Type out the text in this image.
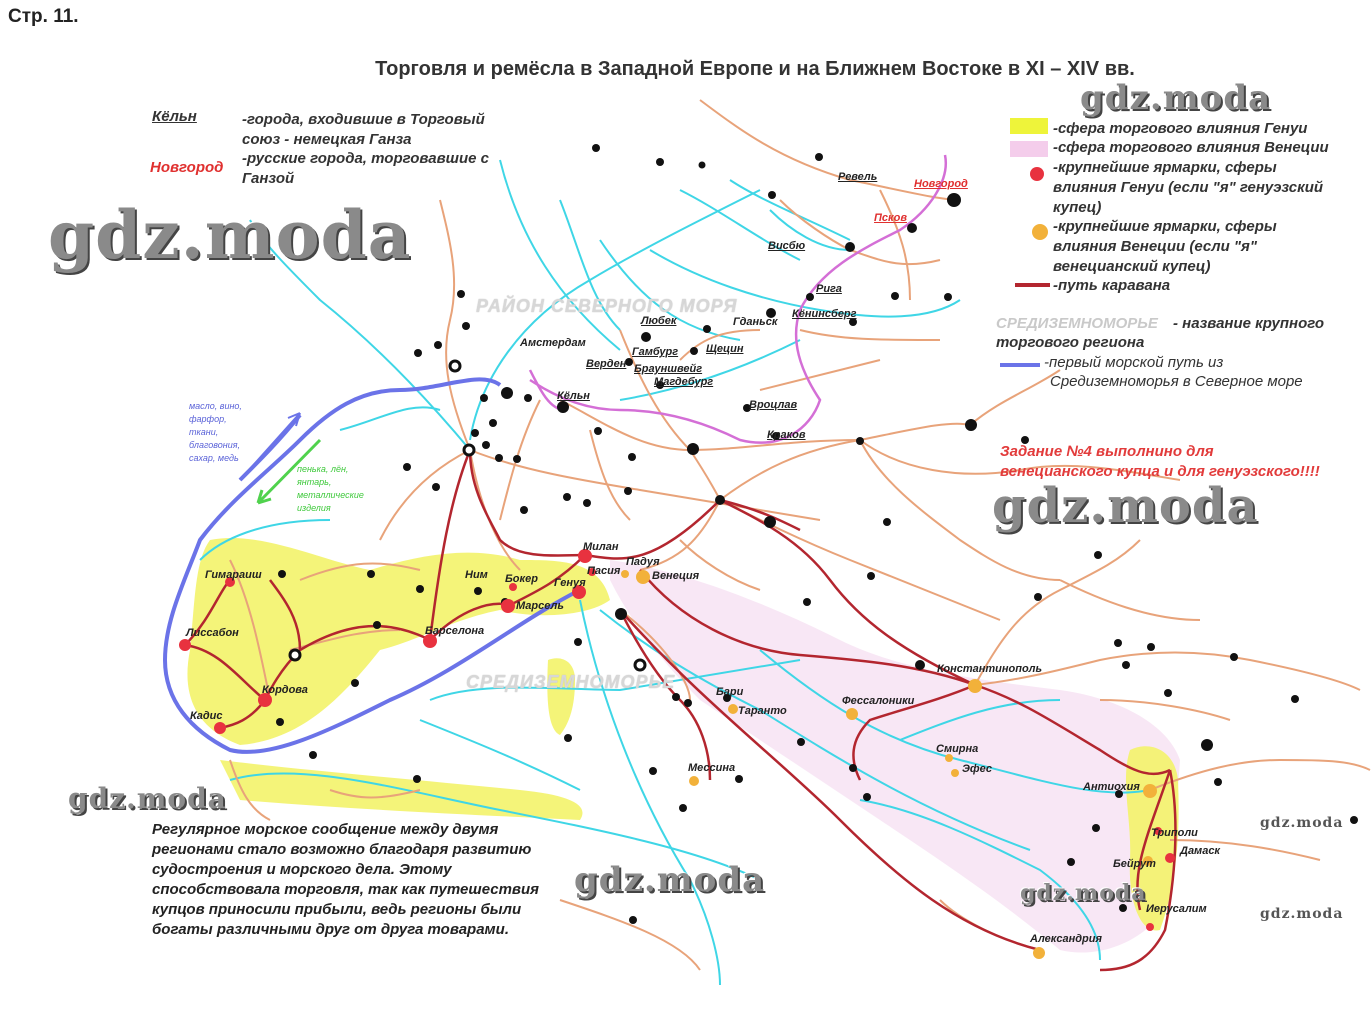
Стр. 11.
Торговля и ремёсла в Западной Европе и на Ближнем Востоке в XI – XIV вв.
Кёльн	-города, входившие в Торговый
союз - немецкая Ганза
Новгород
-русские города, торговавшие с
Ганзой
-сфера торгового влияния Генуи
-сфера торгового влияния Венеции
-крупнейшие ярмарки, сферы
влияния Генуи (если "я" генуэзский
купец)
-крупнейшие ярмарки, сферы
влияния Венеции (если "я"
венецианский купец)
-путь каравана
СРЕДИЗЕМНОМОРЬЕ - название крупного
торгового региона
-первый морской путь из
Средиземноморья в Северное море
Задание №4 выполнино для
венецианского купца и для генуэзского!!!!
РАЙОН СЕВЕРНОГО МОРЯ
СРЕДИЗЕМНОМОРЬЕ
масло, вино,
фарфор,
ткани,
благовония,
сахар, медь
пенька, лён,
янтарь,
металлические
изделия
gdz.moda
gdz.moda
gdz.moda
gdz.moda
gdz.moda	gdz.moda
gdz.moda
gdz.moda
Ревель
Новгород
Псков
Висбю
Рига
Кёнинсберг
Любек	Гданьск
Амстердам
Гамбург	Щецин
Верден Брауншвейг
Магдебург
Кёльн
Вроцлав
Краков
Милан
Падуя
Пасия	Венеция
Ним Бокер Генуя
Марсель
Гимараиш
Лиссабон	Барселона
Кордова
Кадис
Константинополь
Бари
Таранто
Фессалоники
Смирна
Эфес
Мессина
Антиохия
Триполи
Дамаск
Бейрут
Иерусалим
Александрия
Регулярное морское сообщение между двумя регионами стало возможно благодаря развитию судостроения и морского дела. Этому способствовала торговля, так как путешествия купцов приносили прибыли, ведь регионы были богаты различными друг от друга товарами.
